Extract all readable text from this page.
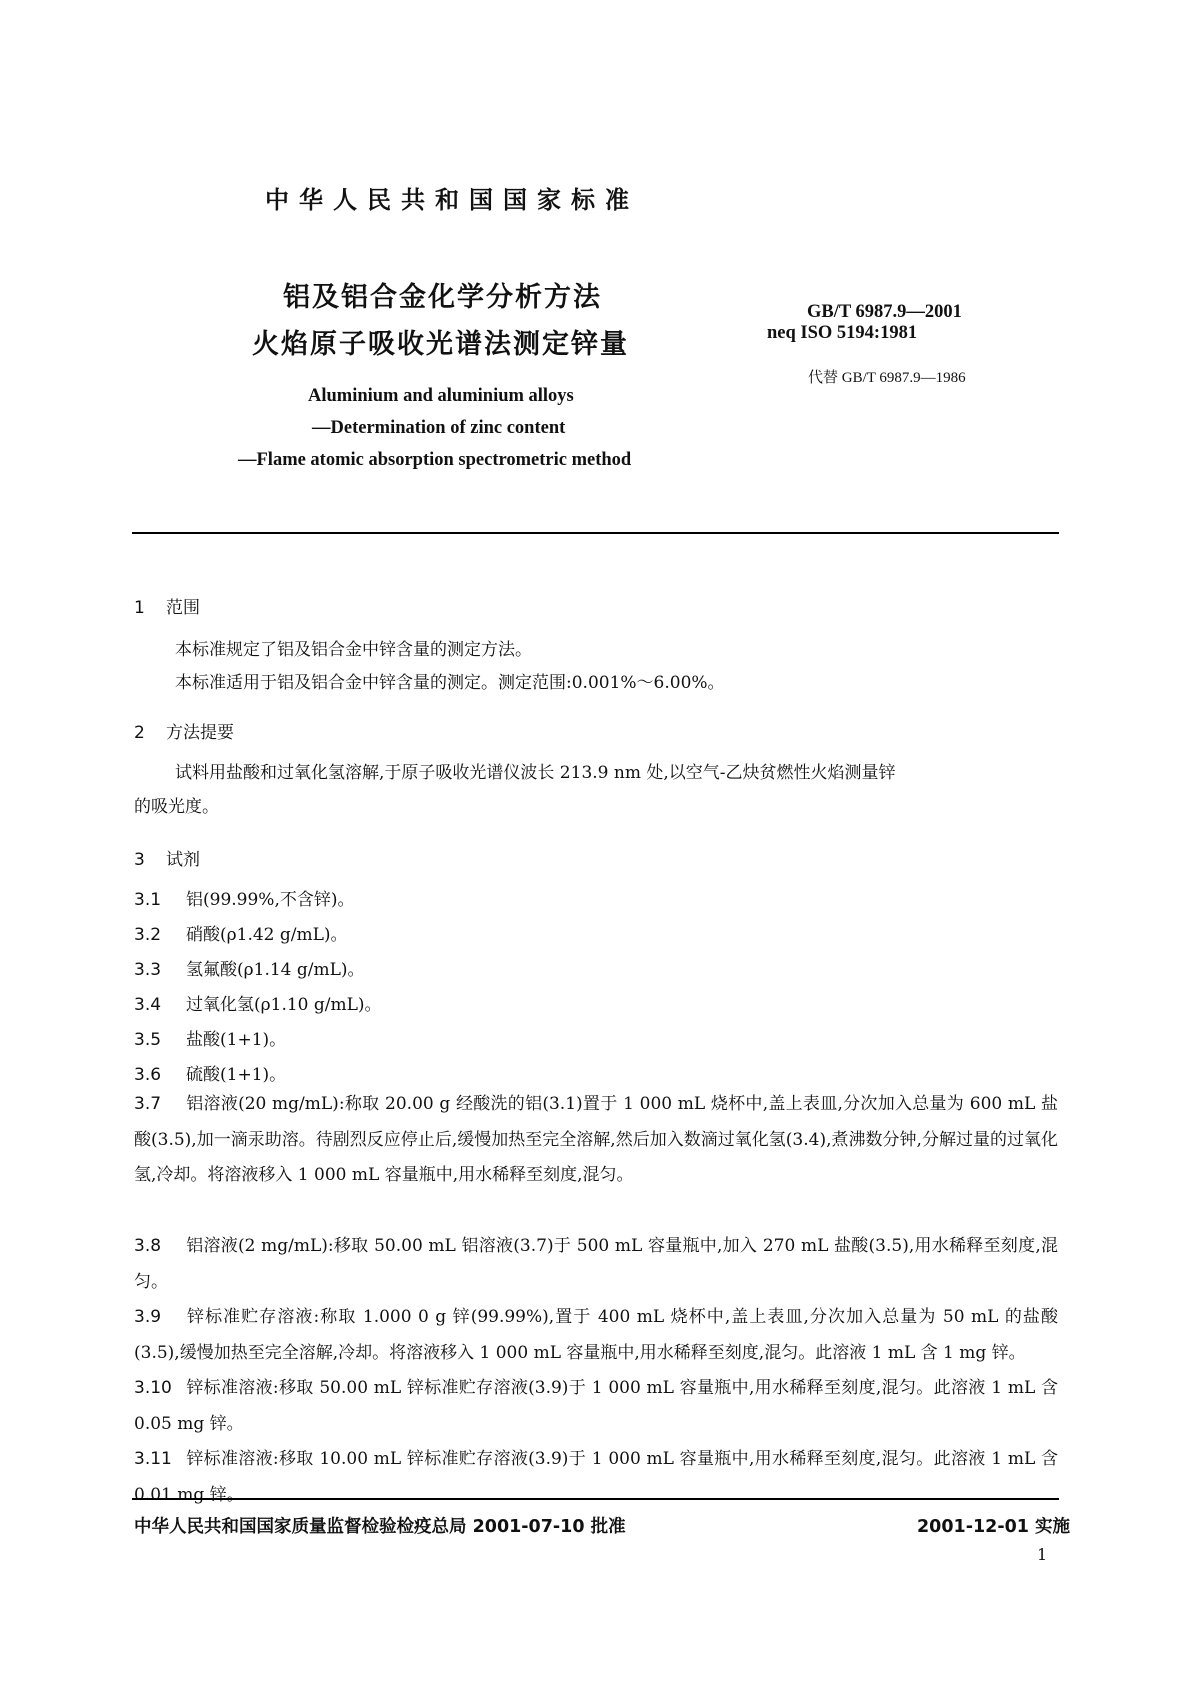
中华人民共和国国家标准
铝及铝合金化学分析方法
火焰原子吸收光谱法测定锌量
GB/T 6987.9—2001
neq ISO 5194:1981
代替 GB/T 6987.9—1986
Aluminium and aluminium alloys
—Determination of zinc content
—Flame atomic absorption spectrometric method
1 范围
本标准规定了铝及铝合金中锌含量的测定方法。
本标准适用于铝及铝合金中锌含量的测定。测定范围:0.001%～6.00%。
2 方法提要
试料用盐酸和过氧化氢溶解,于原子吸收光谱仪波长 213.9 nm 处,以空气-乙炔贫燃性火焰测量锌
的吸光度。
3 试剂
3.1 铝(99.99%,不含锌)。
3.2 硝酸(ρ1.42 g/mL)。
3.3 氢氟酸(ρ1.14 g/mL)。
3.4 过氧化氢(ρ1.10 g/mL)。
3.5 盐酸(1+1)。
3.6 硫酸(1+1)。
3.7 铝溶液(20 mg/mL):称取 20.00 g 经酸洗的铝(3.1)置于 1 000 mL 烧杯中,盖上表皿,分次加入总量为 600 mL 盐酸(3.5),加一滴汞助溶。待剧烈反应停止后,缓慢加热至完全溶解,然后加入数滴过氧化氢(3.4),煮沸数分钟,分解过量的过氧化氢,冷却。将溶液移入 1 000 mL 容量瓶中,用水稀释至刻度,混匀。
3.8 铝溶液(2 mg/mL):移取 50.00 mL 铝溶液(3.7)于 500 mL 容量瓶中,加入 270 mL 盐酸(3.5),用水稀释至刻度,混匀。
3.9 锌标准贮存溶液:称取 1.000 0 g 锌(99.99%),置于 400 mL 烧杯中,盖上表皿,分次加入总量为 50 mL 的盐酸(3.5),缓慢加热至完全溶解,冷却。将溶液移入 1 000 mL 容量瓶中,用水稀释至刻度,混匀。此溶液 1 mL 含 1 mg 锌。
3.10 锌标准溶液:移取 50.00 mL 锌标准贮存溶液(3.9)于 1 000 mL 容量瓶中,用水稀释至刻度,混匀。此溶液 1 mL 含 0.05 mg 锌。
3.11 锌标准溶液:移取 10.00 mL 锌标准贮存溶液(3.9)于 1 000 mL 容量瓶中,用水稀释至刻度,混匀。此溶液 1 mL 含 0.01 mg 锌。
中华人民共和国国家质量监督检验检疫总局 2001-07-10 批准	2001-12-01 实施
1
